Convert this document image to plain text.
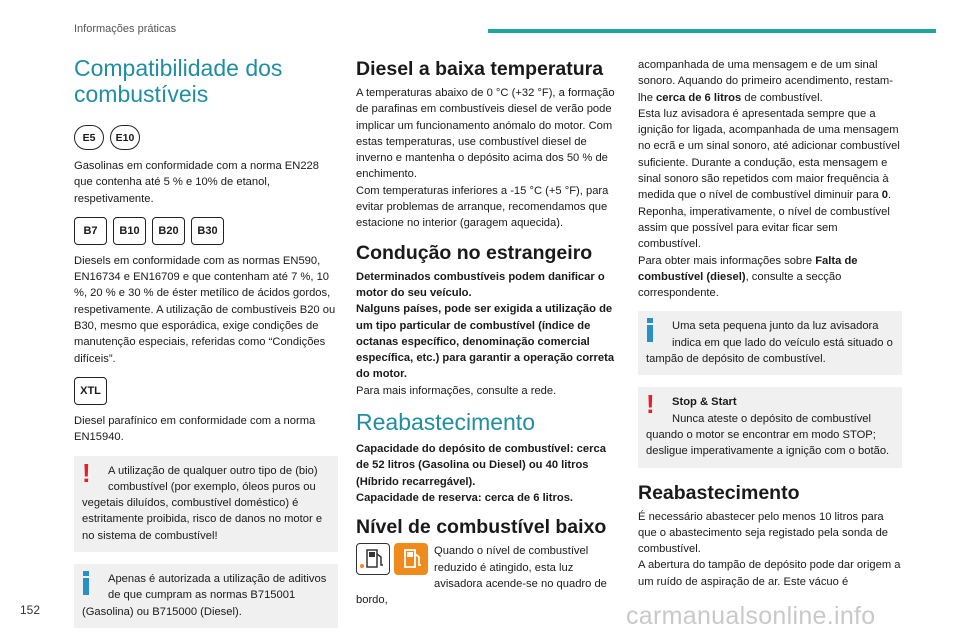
Informações práticas
Compatibilidade dos combustíveis
E5	E10

Gasolinas em conformidade com a norma EN228 que contenha até 5 % e 10% de etanol, respetivamente.

B7	B10	B20	B30

Diesels em conformidade com as normas EN590, EN16734 e EN16709 e que contenham até 7 %, 10 %, 20 % e 30 % de éster metílico de ácidos gordos, respetivamente. A utilização de combustíveis B20 ou B30, mesmo que esporádica, exige condições de manutenção especiais, referidas como “Condições difíceis”.

XTL

Diesel parafínico em conformidade com a norma EN15940.

!	A utilização de qualquer outro tipo de (bio) combustível (por exemplo, óleos puros ou vegetais diluídos, combustível doméstico) é estritamente proibida, risco de danos no motor e no sistema de combustível!

Apenas é autorizada a utilização de aditivos de que cumpram as normas B715001 (Gasolina) ou B715000 (Diesel).

Diesel a baixa temperatura

A temperaturas abaixo de 0 °C (+32 °F), a formação de parafinas em combustíveis diesel de verão pode implicar um funcionamento anómalo do motor. Com estas temperaturas, use combustível diesel de inverno e mantenha o depósito acima dos 50 % de enchimento.

Com temperaturas inferiores a -15 °C (+5 °F), para evitar problemas de arranque, recomendamos que estacione no interior (garagem aquecida).

Condução no estrangeiro

Determinados combustíveis podem danificar o motor do seu veículo.

Nalguns países, pode ser exigida a utilização de um tipo particular de combustível (índice de octanas específico, denominação comercial específica, etc.) para garantir a operação correta do motor.

Para mais informações, consulte a rede.

Reabastecimento

Capacidade do depósito de combustível: cerca de 52 litros (Gasolina ou Diesel) ou 40 litros (Híbrido recarregável).

Capacidade de reserva: cerca de 6 litros.

Nível de combustível baixo

Quando o nível de combustível reduzido é atingido, esta luz avisadora acende-se no quadro de bordo,

acompanhada de uma mensagem e de um sinal sonoro. Aquando do primeiro acendimento, restam-lhe cerca de 6 litros de combustível.

Esta luz avisadora é apresentada sempre que a ignição for ligada, acompanhada de uma mensagem no ecrã e um sinal sonoro, até adicionar combustível suficiente. Durante a condução, esta mensagem e sinal sonoro são repetidos com maior frequência à medida que o nível de combustível diminuir para 0.

Reponha, imperativamente, o nível de combustível assim que possível para evitar ficar sem combustível.

Para obter mais informações sobre Falta de combustível (diesel), consulte a secção correspondente.

Uma seta pequena junto da luz avisadora indica em que lado do veículo está situado o tampão de depósito de combustível.

!	Stop & Start

Nunca ateste o depósito de combustível quando o motor se encontrar em modo STOP; desligue imperativamente a ignição com o botão.

Reabastecimento

É necessário abastecer pelo menos 10 litros para que o abastecimento seja registado pela sonda de combustível.

A abertura do tampão de depósito pode dar origem a um ruído de aspiração de ar. Este vácuo é

152	carmanualsonline.info
